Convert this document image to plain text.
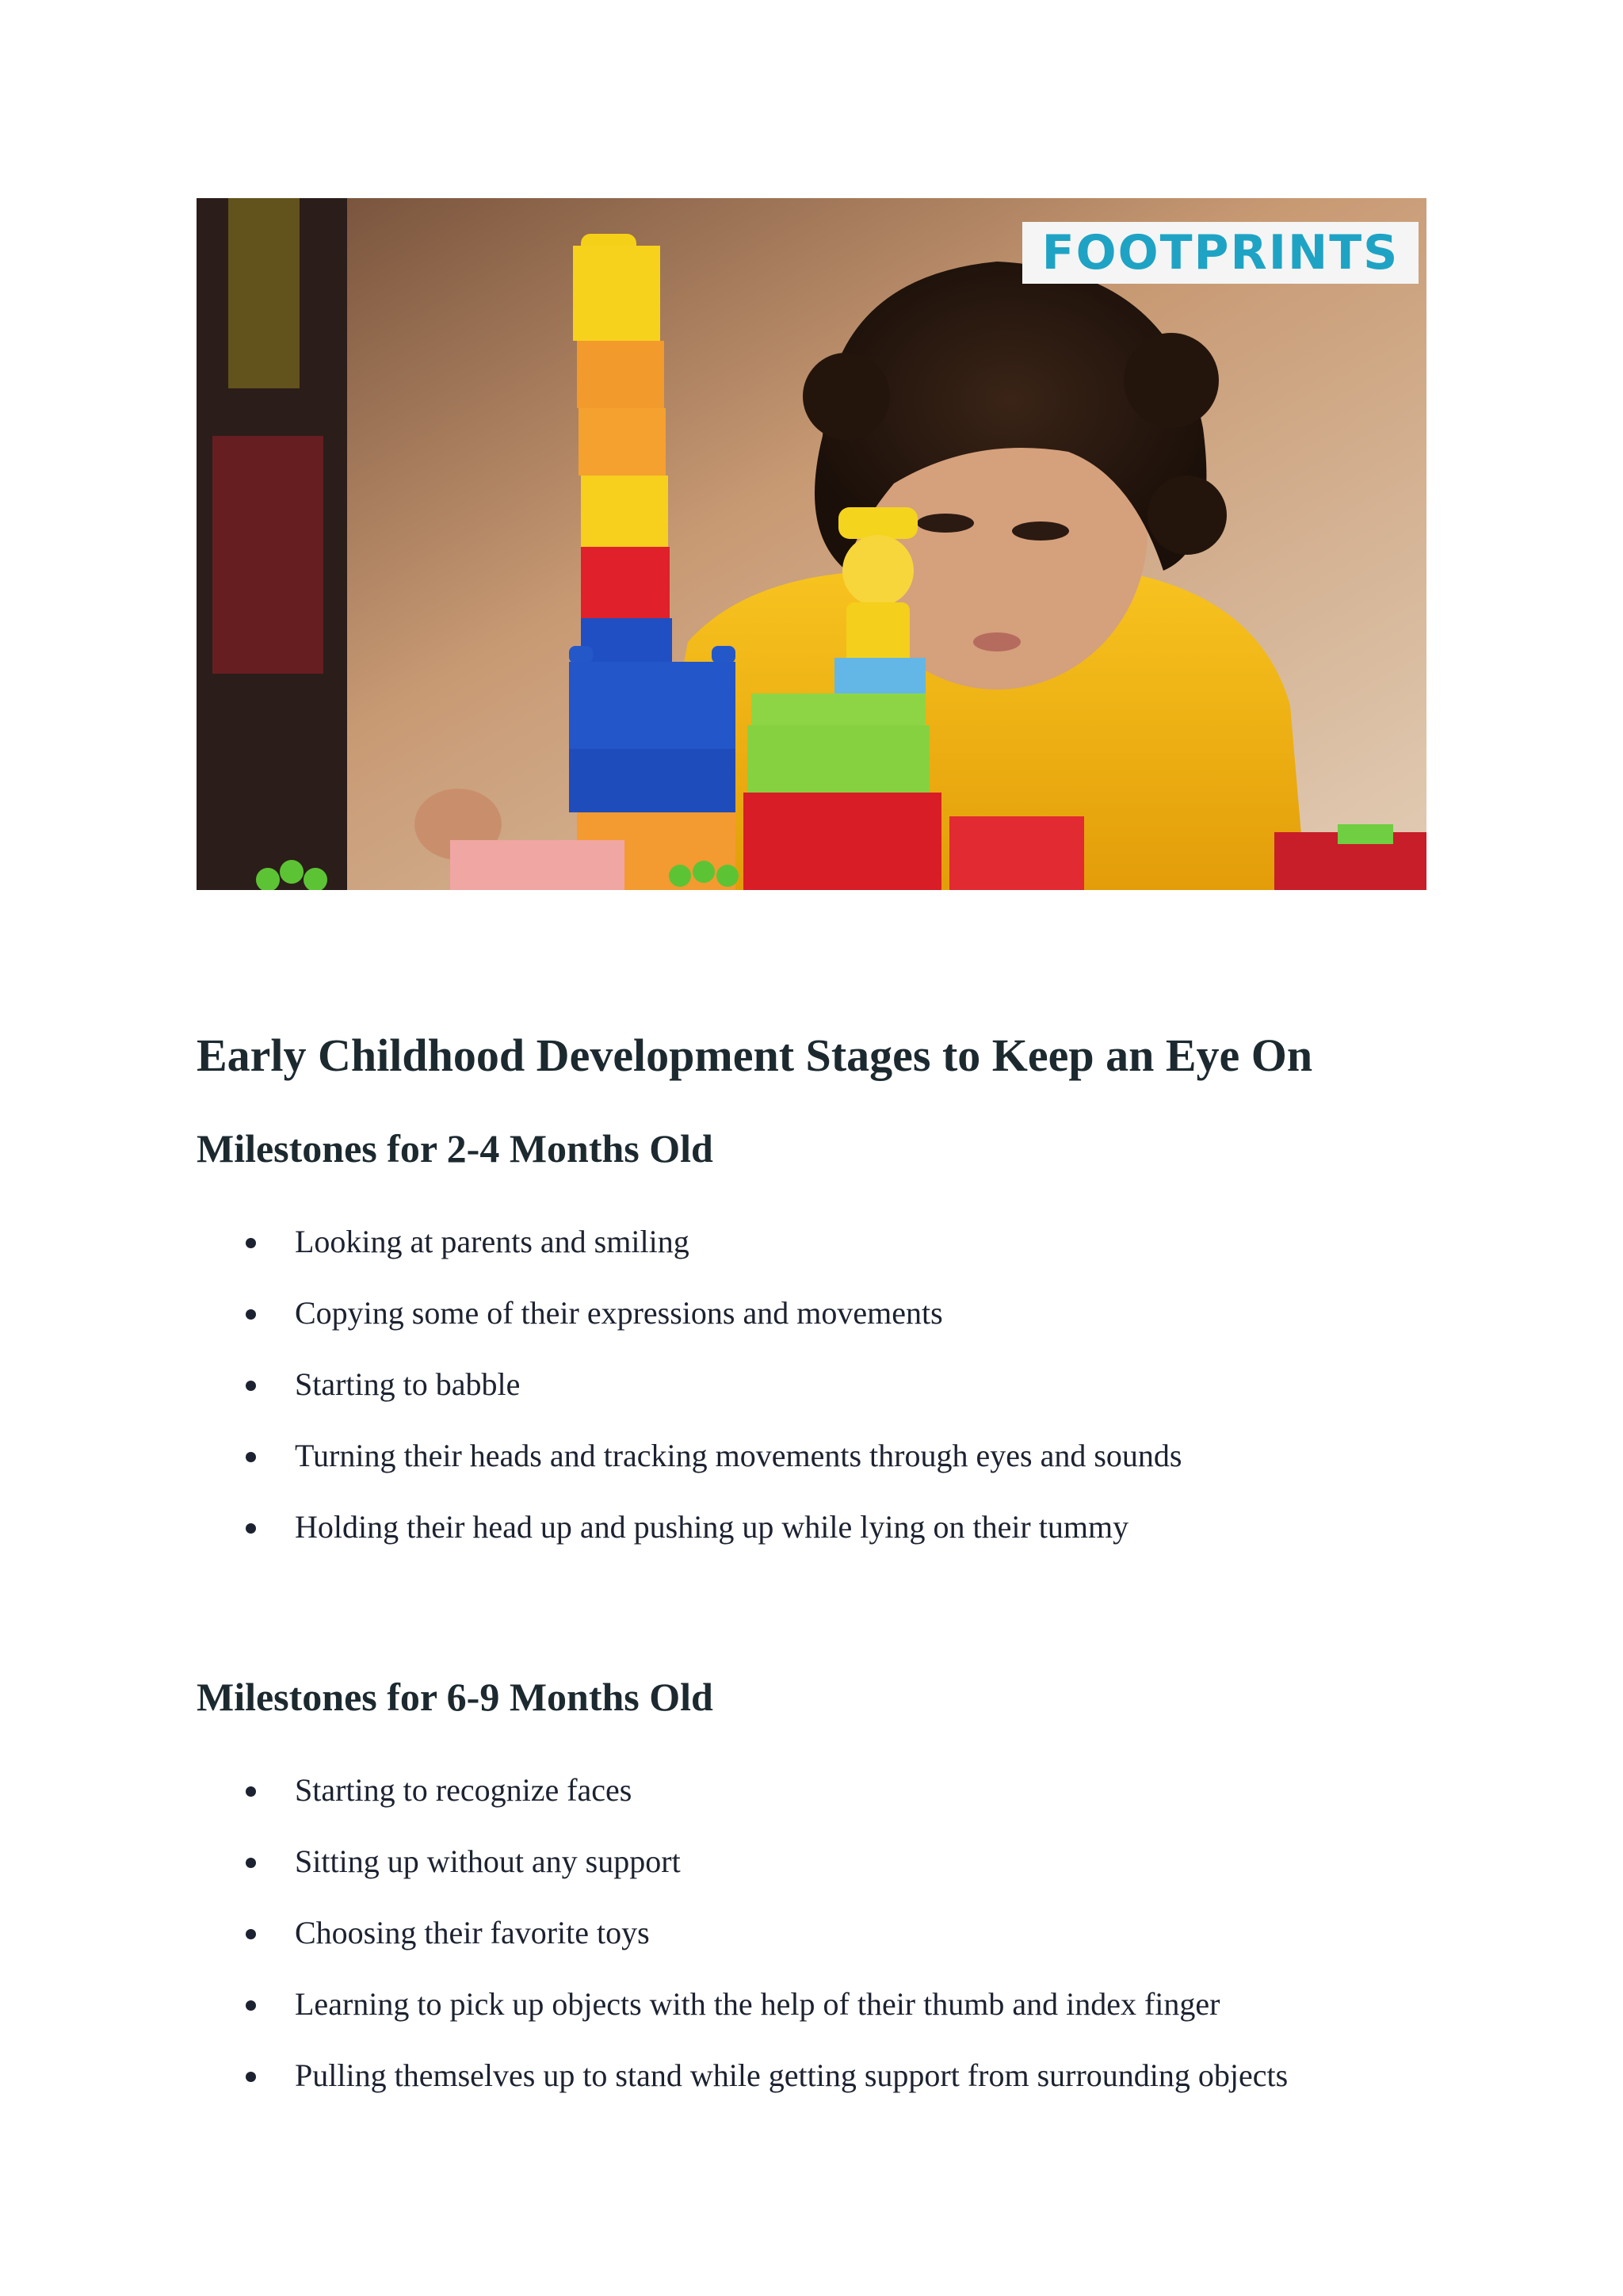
FOOTPRINTS
Early Childhood Development Stages to Keep an Eye On
Milestones for 2-4 Months Old
Looking at parents and smiling
Copying some of their expressions and movements
Starting to babble
Turning their heads and tracking movements through eyes and sounds
Holding their head up and pushing up while lying on their tummy
Milestones for 6-9 Months Old
Starting to recognize faces
Sitting up without any support
Choosing their favorite toys
Learning to pick up objects with the help of their thumb and index finger
Pulling themselves up to stand while getting support from surrounding objects
